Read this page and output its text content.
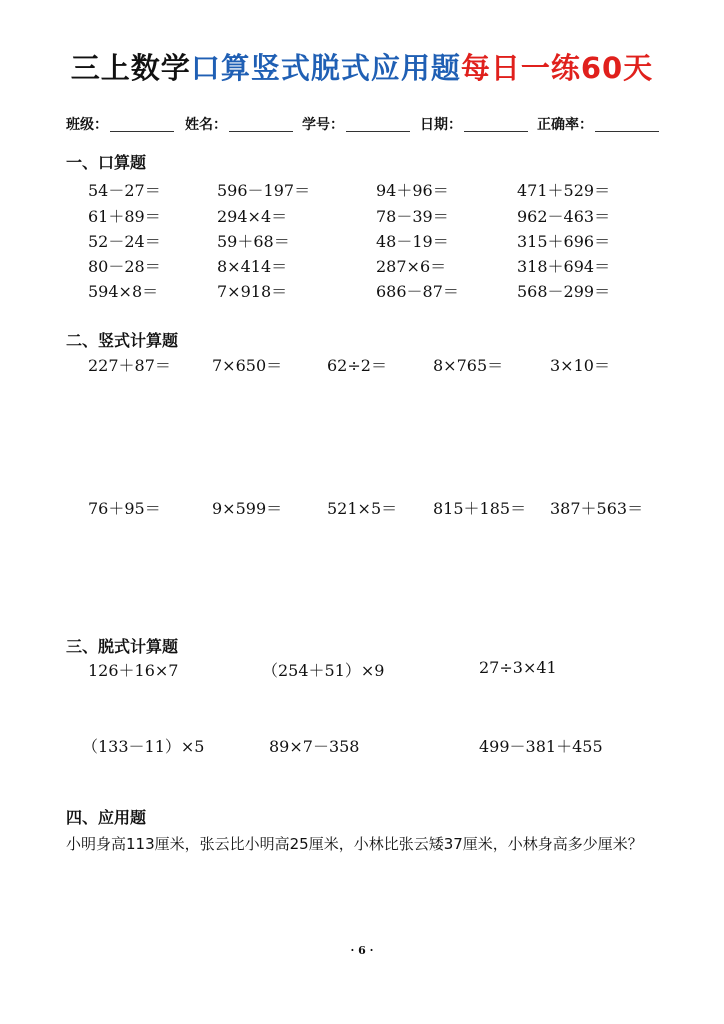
三上数学口算竖式脱式应用题每日一练60天
班级：	姓名：	学号：	日期：	正确率：
一、口算题
54－27＝	596－197＝	94＋96＝	471＋529＝
61＋89＝	294×4＝	78－39＝	962－463＝
52－24＝	59＋68＝	48－19＝	315＋696＝
80－28＝	8×414＝	287×6＝	318＋694＝
594×8＝	7×918＝	686－87＝	568－299＝
二、竖式计算题
227＋87＝	7×650＝	62÷2＝	8×765＝	3×10＝
76＋95＝	9×599＝	521×5＝ 815＋185＝ 387＋563＝
三、脱式计算题
126＋16×7	（254＋51）×9	27÷3×41
（133－11）×5	89×7－358	499－381＋455
四、应用题
小明身高113厘米，张云比小明高25厘米，小林比张云矮37厘米，小林身高多少厘米？
· 6 ·
